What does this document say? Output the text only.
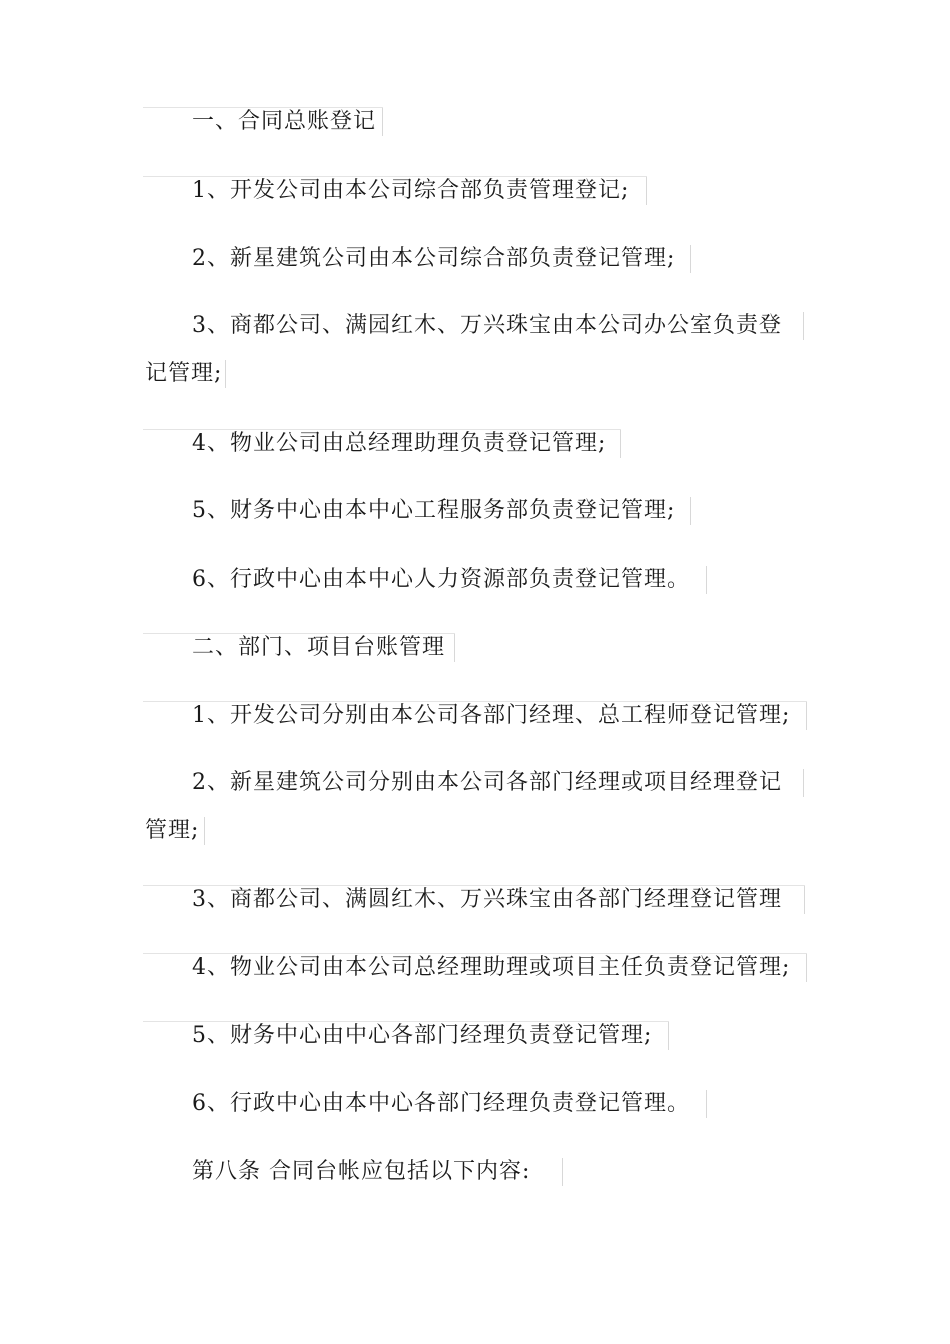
一、合同总账登记
1、开发公司由本公司综合部负责管理登记;
2、新星建筑公司由本公司综合部负责登记管理;
3、商都公司、满园红木、万兴珠宝由本公司办公室负责登
记管理;
4、物业公司由总经理助理负责登记管理;
5、财务中心由本中心工程服务部负责登记管理;
6、行政中心由本中心人力资源部负责登记管理。
二、部门、项目台账管理
1、开发公司分别由本公司各部门经理、总工程师登记管理;
2、新星建筑公司分别由本公司各部门经理或项目经理登记
管理;
3、商都公司、满圆红木、万兴珠宝由各部门经理登记管理
4、物业公司由本公司总经理助理或项目主任负责登记管理;
5、财务中心由中心各部门经理负责登记管理;
6、行政中心由本中心各部门经理负责登记管理。
第八条 合同台帐应包括以下内容:
